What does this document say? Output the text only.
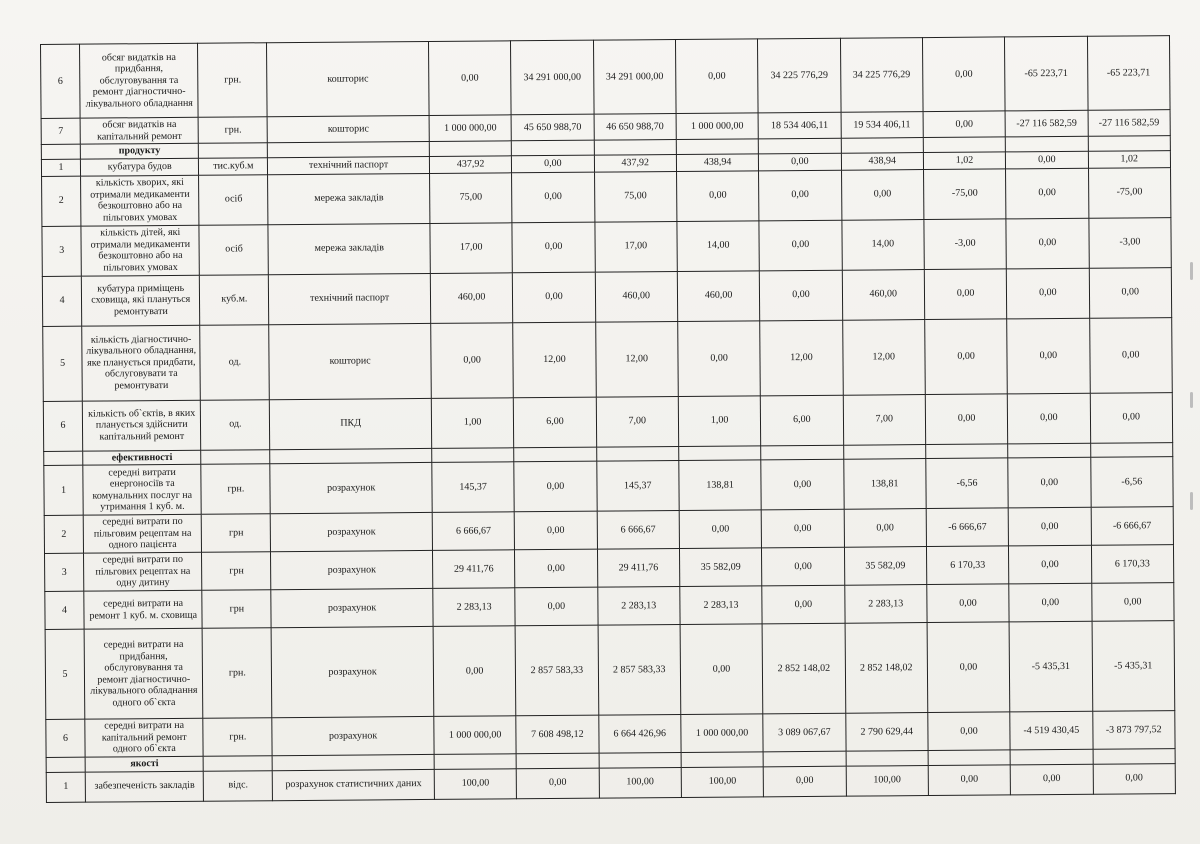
6	обсяг видатків на придбання, обслуговування та ремонт діагностично-лікувального обладнання	грн.	кошторис	0,00	34 291 000,00	34 291 000,00	0,00	34 225 776,29	34 225 776,29	0,00	-65 223,71	-65 223,71
7	обсяг видатків на капітальний ремонт	грн.	кошторис	1 000 000,00	45 650 988,70	46 650 988,70	1 000 000,00	18 534 406,11	19 534 406,11	0,00	-27 116 582,59	-27 116 582,59
	продукту											
1	кубатура будов	тис.куб.м	технічний паспорт	437,92	0,00	437,92	438,94	0,00	438,94	1,02	0,00	1,02
2	кількість хворих, які отримали медикаменти безкоштовно або на пільгових умовах	осіб	мережа закладів	75,00	0,00	75,00	0,00	0,00	0,00	-75,00	0,00	-75,00
3	кількість дітей, які отримали медикаменти безкоштовно або на пільгових умовах	осіб	мережа закладів	17,00	0,00	17,00	14,00	0,00	14,00	-3,00	0,00	-3,00
4	кубатура приміщень сховища, які плануться ремонтувати	куб.м.	технічний паспорт	460,00	0,00	460,00	460,00	0,00	460,00	0,00	0,00	0,00
5	кількість діагностично-лікувального обладнання, яке планується придбати, обслуговувати та ремонтувати	од.	кошторис	0,00	12,00	12,00	0,00	12,00	12,00	0,00	0,00	0,00
6	кількість об`єктів, в яких планується здійснити капітальний ремонт	од.	ПКД	1,00	6,00	7,00	1,00	6,00	7,00	0,00	0,00	0,00
	ефективності											
1	середні витрати енергоносіїв та комунальних послуг на утримання 1 куб. м.	грн.	розрахунок	145,37	0,00	145,37	138,81	0,00	138,81	-6,56	0,00	-6,56
2	середні витрати по пільговим рецептам на одного пацієнта	грн	розрахунок	6 666,67	0,00	6 666,67	0,00	0,00	0,00	-6 666,67	0,00	-6 666,67
3	середні витрати по пільгових рецептах на одну дитину	грн	розрахунок	29 411,76	0,00	29 411,76	35 582,09	0,00	35 582,09	6 170,33	0,00	6 170,33
4	середні витрати на ремонт 1 куб. м. сховища	грн	розрахунок	2 283,13	0,00	2 283,13	2 283,13	0,00	2 283,13	0,00	0,00	0,00
5	середні витрати на придбання, обслуговування та ремонт діагностично-лікувального обладнання одного об`єкта	грн.	розрахунок	0,00	2 857 583,33	2 857 583,33	0,00	2 852 148,02	2 852 148,02	0,00	-5 435,31	-5 435,31
6	середні витрати на капітальний ремонт одного об`єкта	грн.	розрахунок	1 000 000,00	7 608 498,12	6 664 426,96	1 000 000,00	3 089 067,67	2 790 629,44	0,00	-4 519 430,45	-3 873 797,52
	якості											
1	забезпеченість закладів	відс.	розрахунок статистичних даних	100,00	0,00	100,00	100,00	0,00	100,00	0,00	0,00	0,00
